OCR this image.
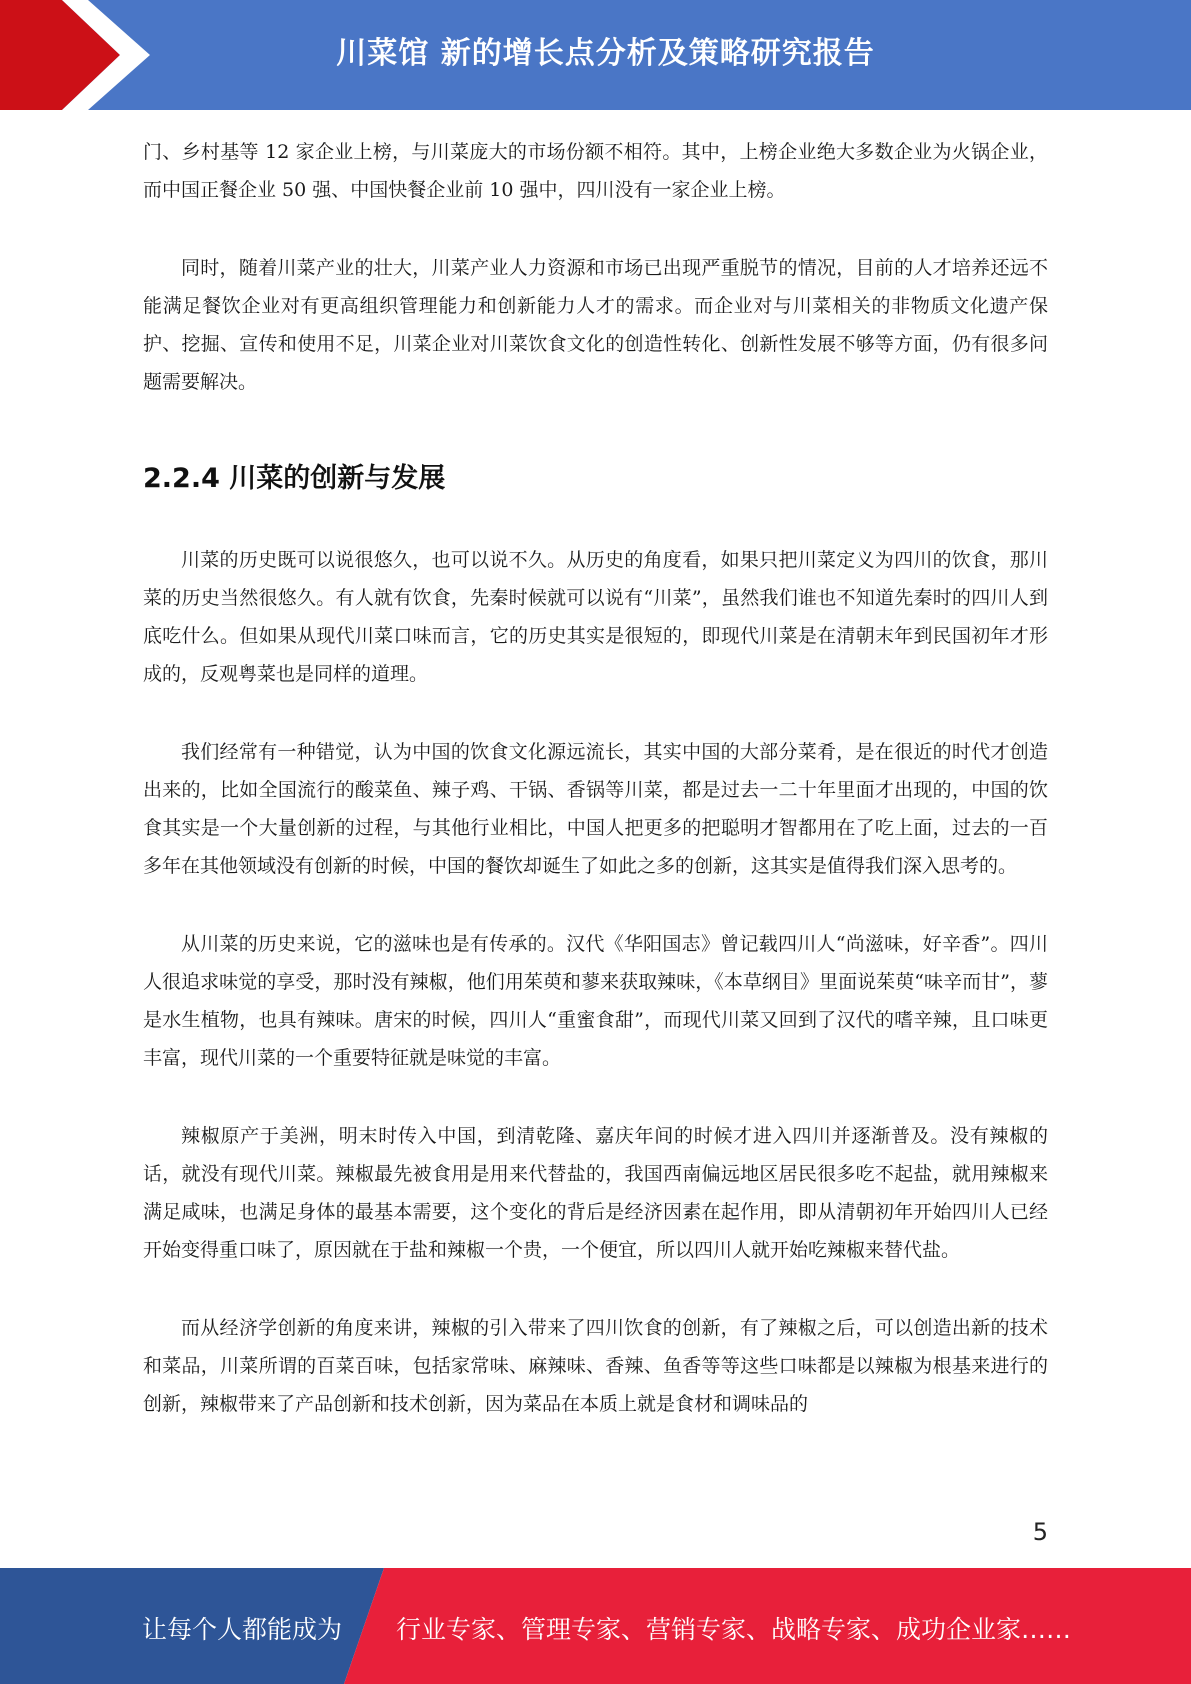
川菜馆 新的增长点分析及策略研究报告

门、乡村基等 12 家企业上榜，与川菜庞大的市场份额不相符。其中，上榜企业绝大多数企业为火锅企业，而中国正餐企业 50 强、中国快餐企业前 10 强中，四川没有一家企业上榜。

同时，随着川菜产业的壮大，川菜产业人力资源和市场已出现严重脱节的情况，目前的人才培养还远不能满足餐饮企业对有更高组织管理能力和创新能力人才的需求。而企业对与川菜相关的非物质文化遗产保护、挖掘、宣传和使用不足，川菜企业对川菜饮食文化的创造性转化、创新性发展不够等方面，仍有很多问题需要解决。

2.2.4 川菜的创新与发展

川菜的历史既可以说很悠久，也可以说不久。从历史的角度看，如果只把川菜定义为四川的饮食，那川菜的历史当然很悠久。有人就有饮食，先秦时候就可以说有“川菜”，虽然我们谁也不知道先秦时的四川人到底吃什么。但如果从现代川菜口味而言，它的历史其实是很短的，即现代川菜是在清朝末年到民国初年才形成的，反观粤菜也是同样的道理。

我们经常有一种错觉，认为中国的饮食文化源远流长，其实中国的大部分菜肴，是在很近的时代才创造出来的，比如全国流行的酸菜鱼、辣子鸡、干锅、香锅等川菜，都是过去一二十年里面才出现的，中国的饮食其实是一个大量创新的过程，与其他行业相比，中国人把更多的把聪明才智都用在了吃上面，过去的一百多年在其他领域没有创新的时候，中国的餐饮却诞生了如此之多的创新，这其实是值得我们深入思考的。

从川菜的历史来说，它的滋味也是有传承的。汉代《华阳国志》曾记载四川人“尚滋味，好辛香”。四川人很追求味觉的享受，那时没有辣椒，他们用茱萸和蓼来获取辣味，《本草纲目》里面说茱萸“味辛而甘”，蓼是水生植物，也具有辣味。唐宋的时候，四川人“重蜜食甜”，而现代川菜又回到了汉代的嗜辛辣，且口味更丰富，现代川菜的一个重要特征就是味觉的丰富。

辣椒原产于美洲，明末时传入中国，到清乾隆、嘉庆年间的时候才进入四川并逐渐普及。没有辣椒的话，就没有现代川菜。辣椒最先被食用是用来代替盐的，我国西南偏远地区居民很多吃不起盐，就用辣椒来满足咸味，也满足身体的最基本需要，这个变化的背后是经济因素在起作用，即从清朝初年开始四川人已经开始变得重口味了，原因就在于盐和辣椒一个贵，一个便宜，所以四川人就开始吃辣椒来替代盐。

而从经济学创新的角度来讲，辣椒的引入带来了四川饮食的创新，有了辣椒之后，可以创造出新的技术和菜品，川菜所谓的百菜百味，包括家常味、麻辣味、香辣、鱼香等等这些口味都是以辣椒为根基来进行的创新，辣椒带来了产品创新和技术创新，因为菜品在本质上就是食材和调味品的

5
让每个人都能成为 行业专家、管理专家、营销专家、战略专家、成功企业家……
